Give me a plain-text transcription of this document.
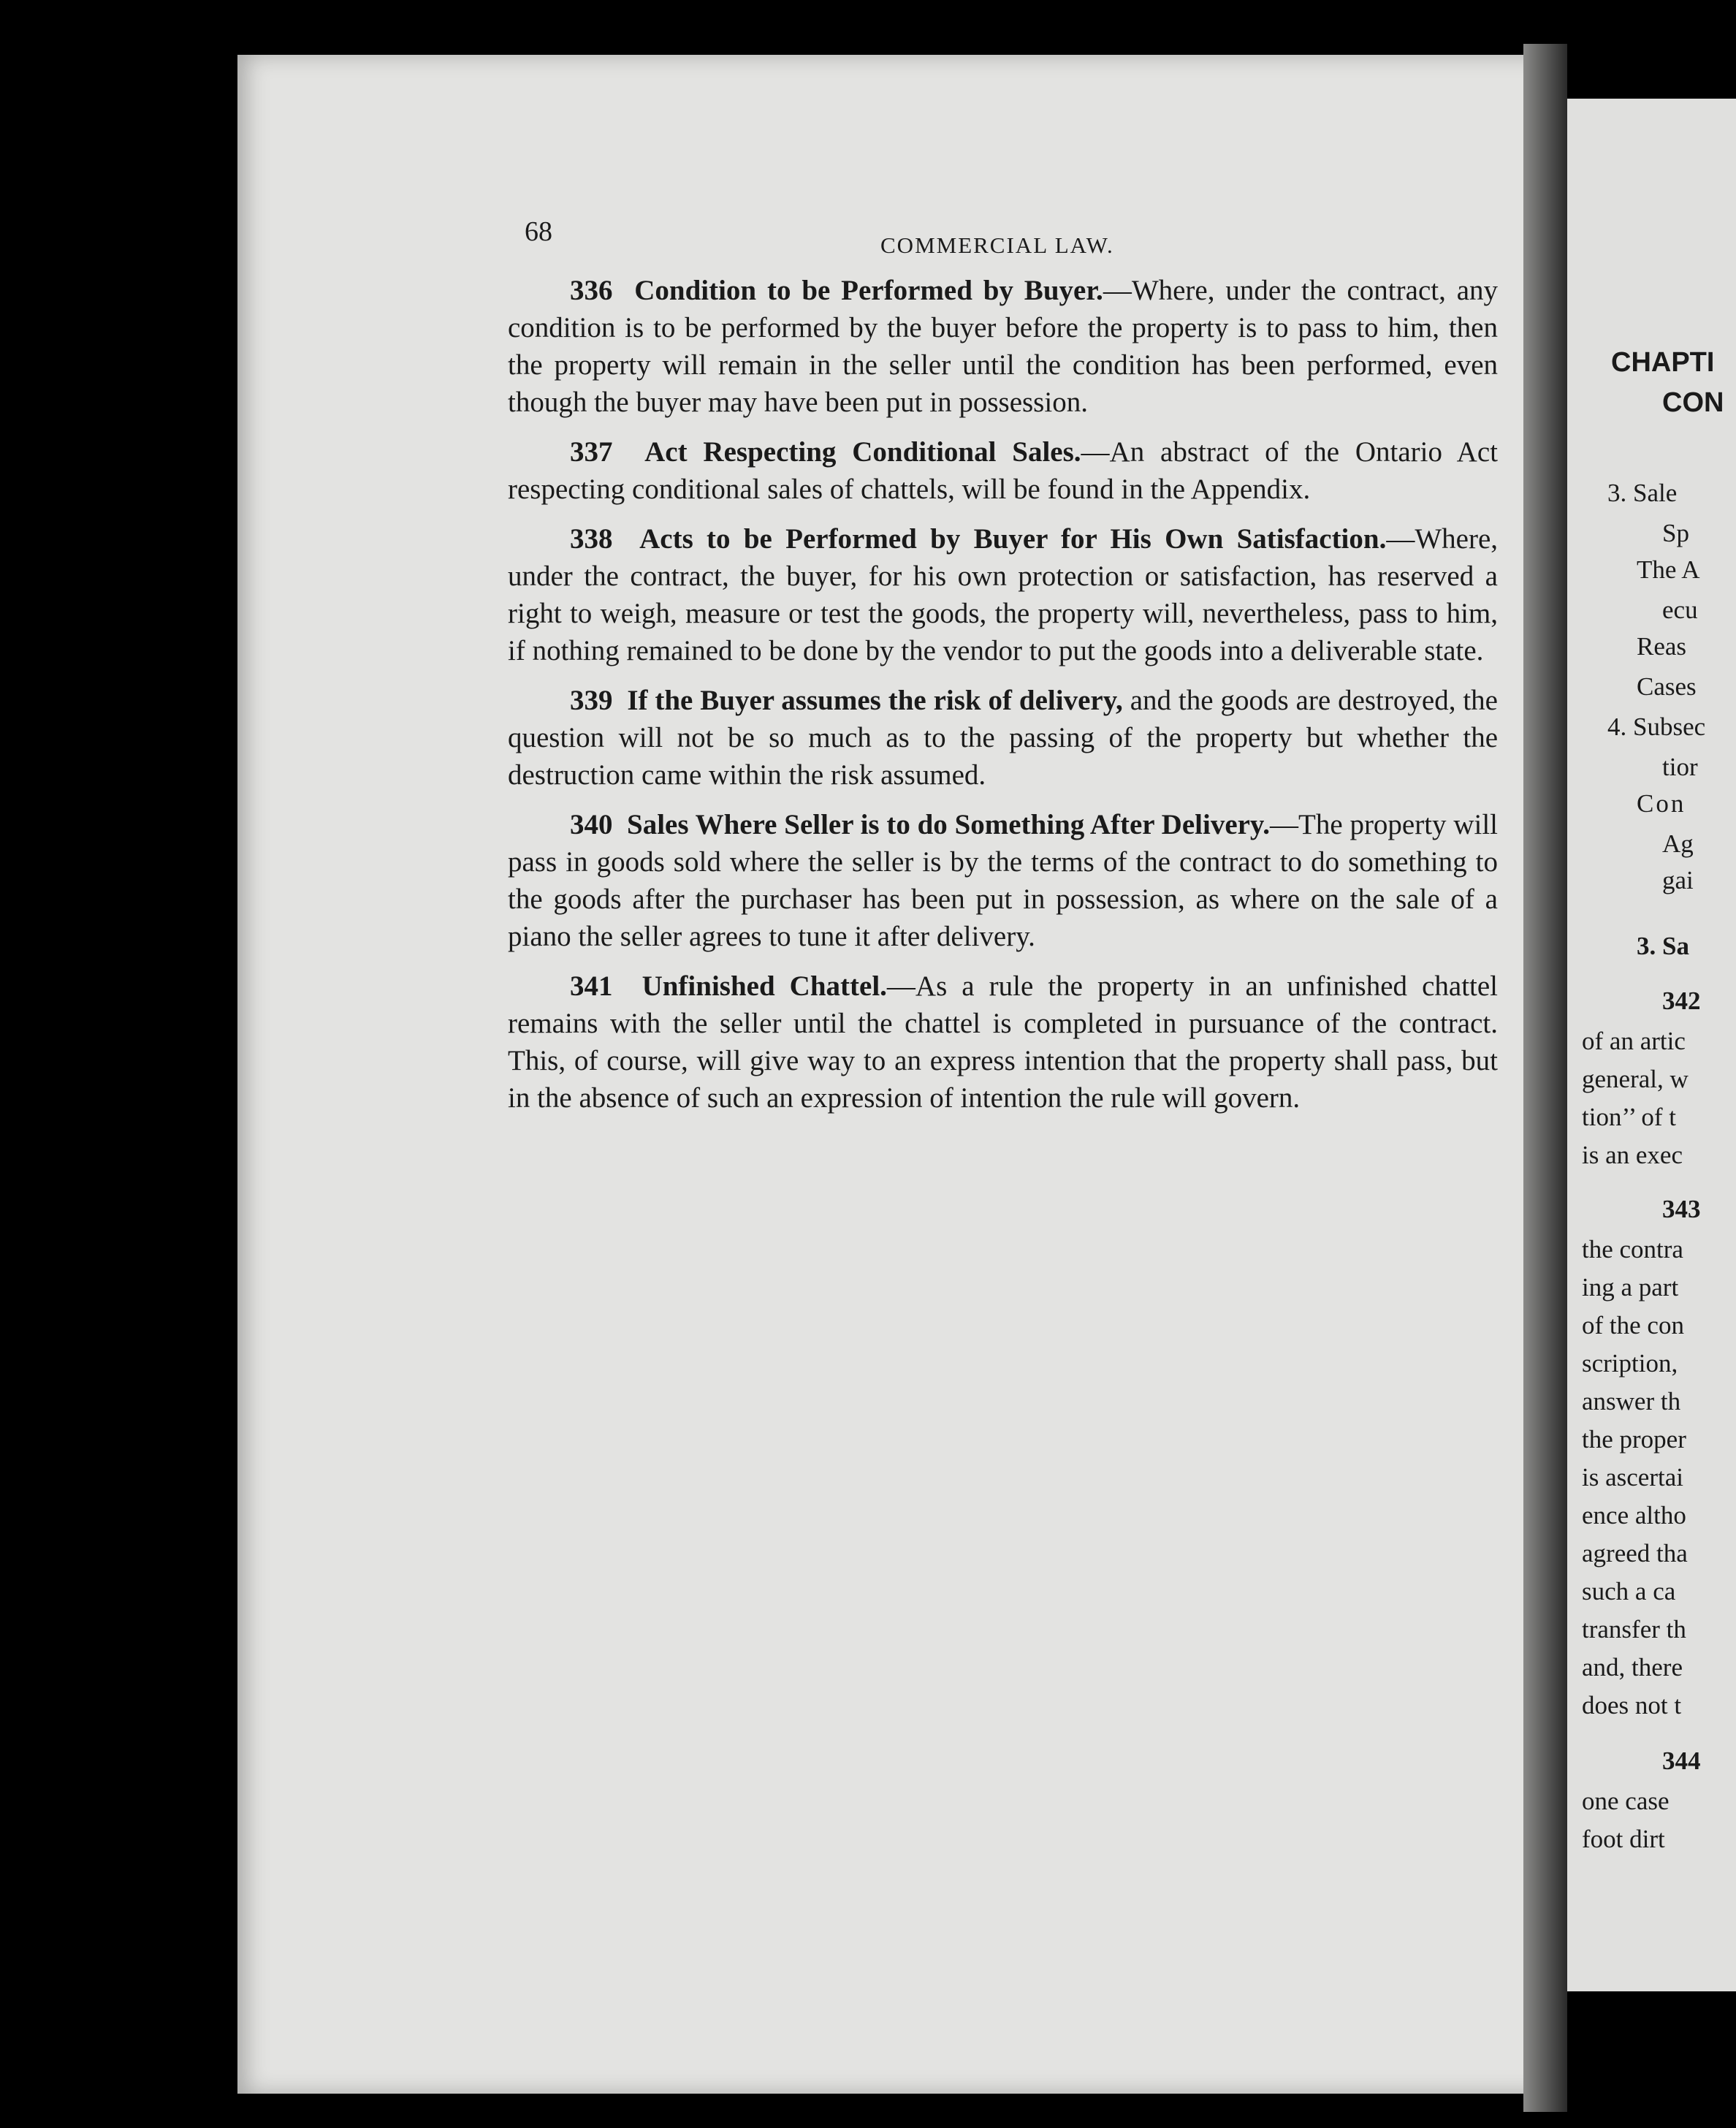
68	COMMERCIAL LAW.

336 Condition to be Performed by Buyer.—Where, under the contract, any condition is to be performed by the buyer before the property is to pass to him, then the property will remain in the seller until the condition has been performed, even though the buyer may have been put in possession.

337 Act Respecting Conditional Sales.—An abstract of the Ontario Act respecting conditional sales of chattels, will be found in the Appendix.

338 Acts to be Performed by Buyer for His Own Satisfaction.—Where, under the contract, the buyer, for his own protection or satisfaction, has reserved a right to weigh, measure or test the goods, the property will, nevertheless, pass to him, if nothing remained to be done by the vendor to put the goods into a deliverable state.

339 If the Buyer assumes the risk of delivery, and the goods are destroyed, the question will not be so much as to the passing of the property but whether the destruction came within the risk assumed.

340 Sales Where Seller is to do Something After Delivery.—The property will pass in goods sold where the seller is by the terms of the contract to do something to the goods after the purchaser has been put in possession, as where on the sale of a piano the seller agrees to tune it after delivery.

341 Unfinished Chattel.—As a rule the property in an unfinished chattel remains with the seller until the chattel is completed in pursuance of the contract. This, of course, will give way to an express intention that the property shall pass, but in the absence of such an expression of intention the rule will govern.

CHAPTI
CON
3. Sale
Sp
The A
ecu
Reas
Cases
4. Subsec
tior
Con
Ag
gai
3. Sa
342
of an artic
general, w
tion’’ of t
is an exec
343
the contra
ing a part
of the con
scription,
answer th
the proper
is ascertai
ence altho
agreed tha
such a ca
transfer th
and, there
does not t
344
one case
foot dirt
